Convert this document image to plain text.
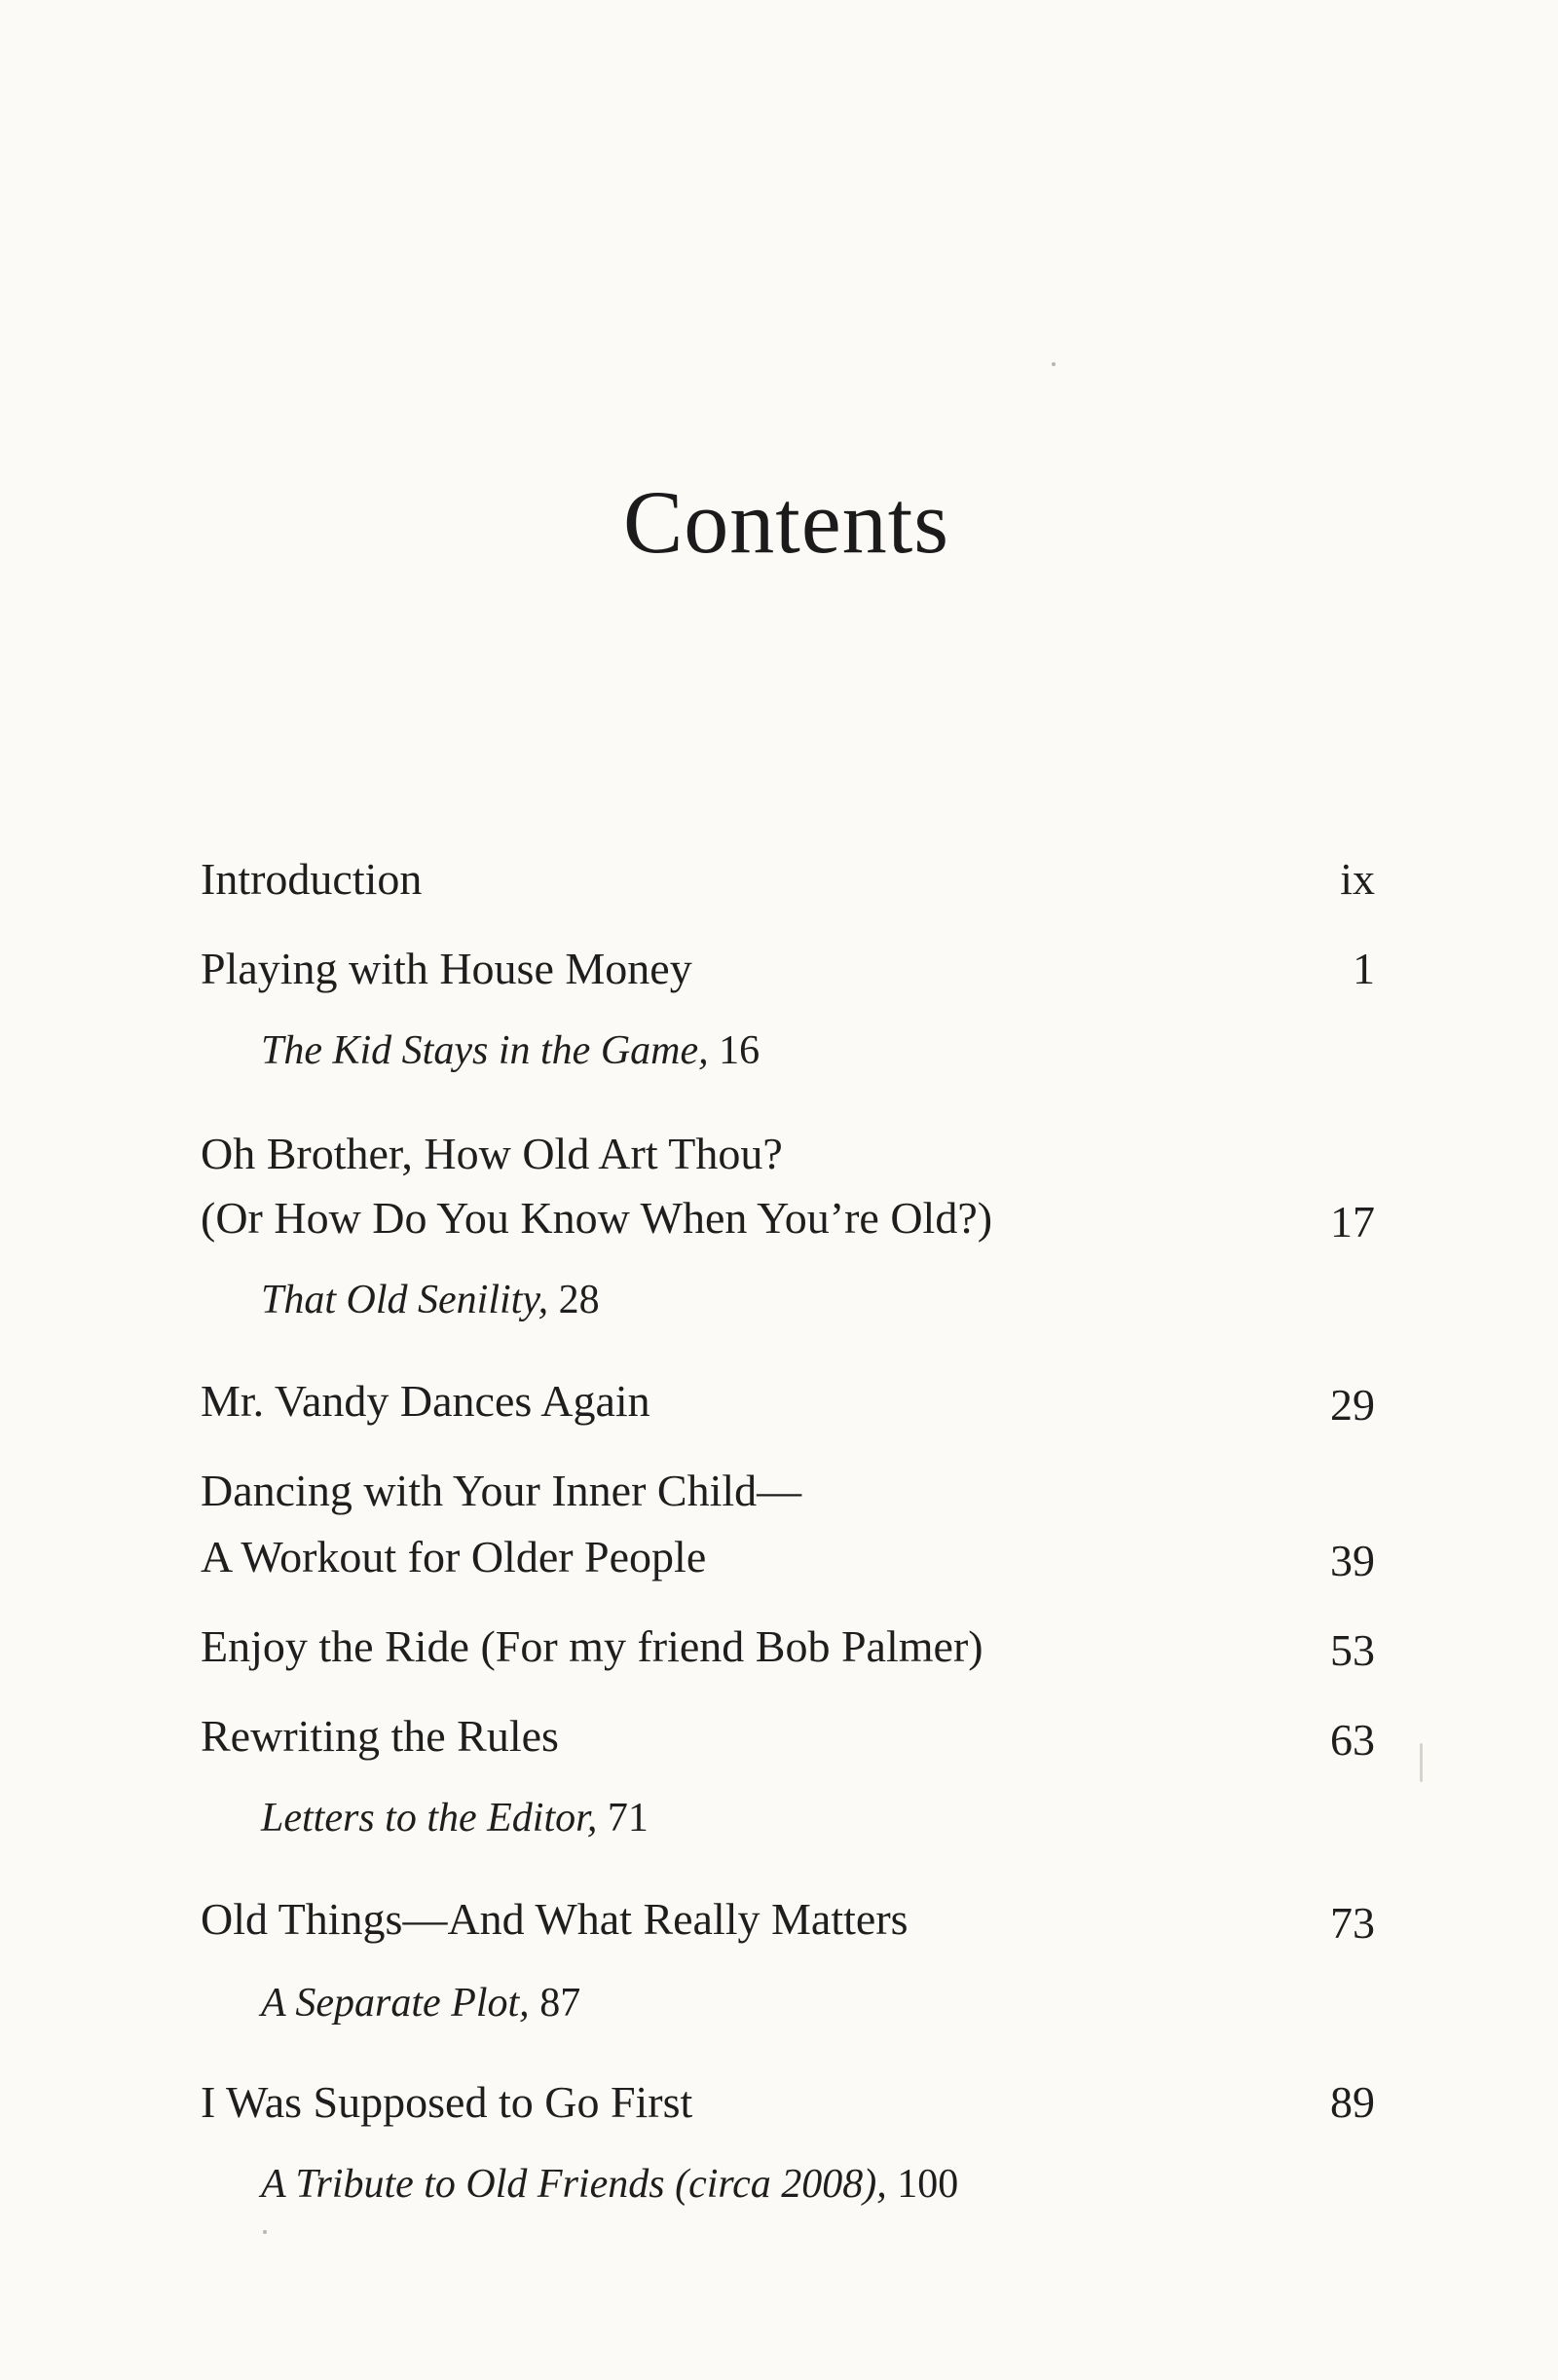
Contents
Introduction	ix
Playing with House Money	1
The Kid Stays in the Game, 16
Oh Brother, How Old Art Thou?
(Or How Do You Know When You’re Old?)	17
That Old Senility, 28
Mr. Vandy Dances Again	29
Dancing with Your Inner Child—
A Workout for Older People	39
Enjoy the Ride (For my friend Bob Palmer)	53
Rewriting the Rules	63
Letters to the Editor, 71
Old Things—And What Really Matters	73
A Separate Plot, 87
I Was Supposed to Go First	89
A Tribute to Old Friends (circa 2008), 100
